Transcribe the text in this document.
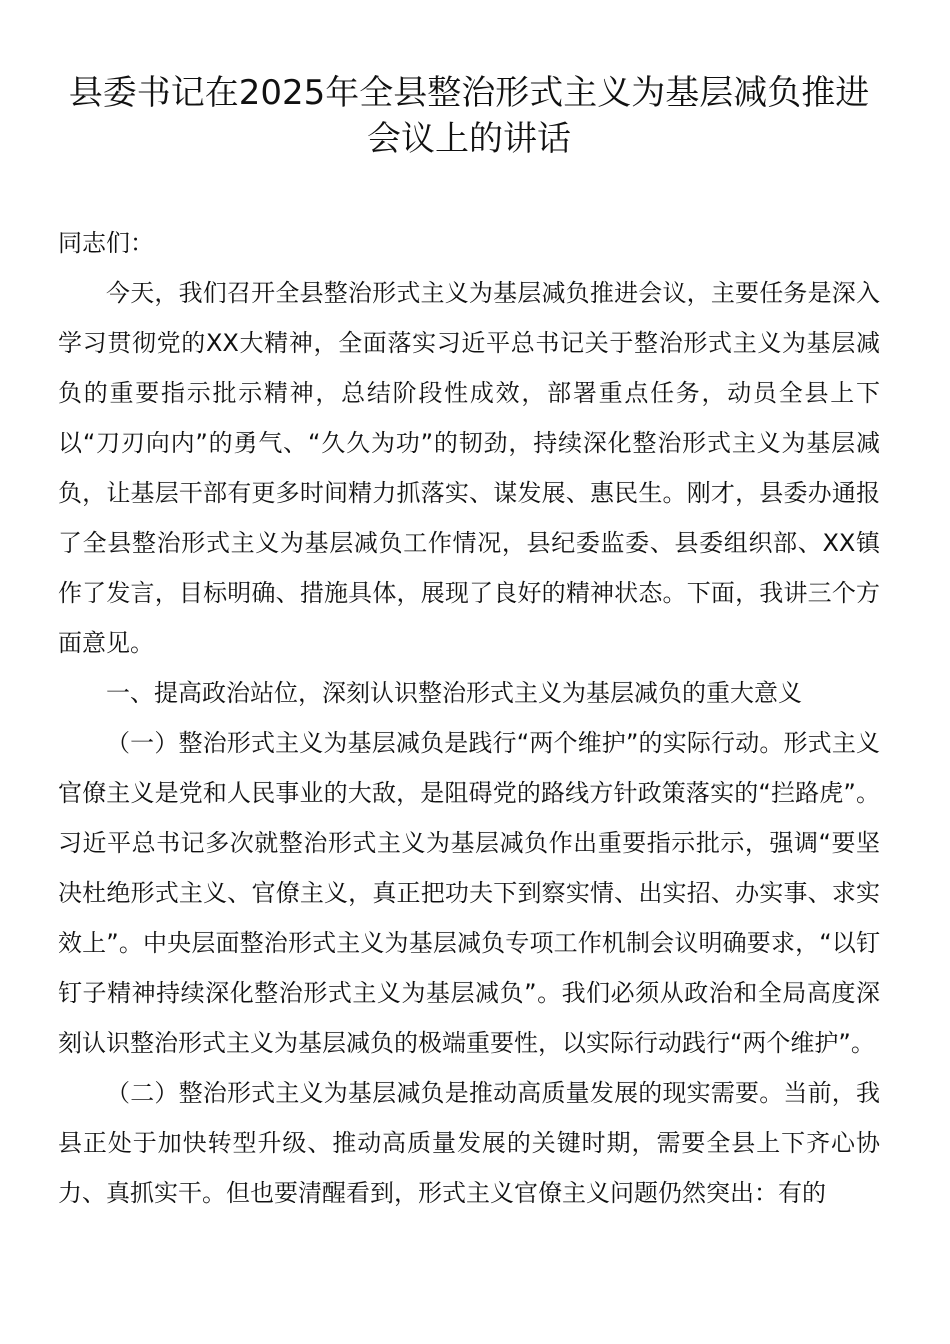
县委书记在2025年全县整治形式主义为基层减负推进会议上的讲话

同志们：

今天，我们召开全县整治形式主义为基层减负推进会议，主要任务是深入学习贯彻党的XX大精神，全面落实习近平总书记关于整治形式主义为基层减负的重要指示批示精神，总结阶段性成效，部署重点任务，动员全县上下以“刀刃向内”的勇气、“久久为功”的韧劲，持续深化整治形式主义为基层减负，让基层干部有更多时间精力抓落实、谋发展、惠民生。刚才，县委办通报了全县整治形式主义为基层减负工作情况，县纪委监委、县委组织部、XX镇作了发言，目标明确、措施具体，展现了良好的精神状态。下面，我讲三个方面意见。

一、提高政治站位，深刻认识整治形式主义为基层减负的重大意义

（一）整治形式主义为基层减负是践行“两个维护”的实际行动。形式主义官僚主义是党和人民事业的大敌，是阻碍党的路线方针政策落实的“拦路虎”。习近平总书记多次就整治形式主义为基层减负作出重要指示批示，强调“要坚决杜绝形式主义、官僚主义，真正把功夫下到察实情、出实招、办实事、求实效上”。中央层面整治形式主义为基层减负专项工作机制会议明确要求，“以钉钉子精神持续深化整治形式主义为基层减负”。我们必须从政治和全局高度深刻认识整治形式主义为基层减负的极端重要性，以实际行动践行“两个维护”。

（二）整治形式主义为基层减负是推动高质量发展的现实需要。当前，我县正处于加快转型升级、推动高质量发展的关键时期，需要全县上下齐心协力、真抓实干。但也要清醒看到，形式主义官僚主义问题仍然突出：有的
